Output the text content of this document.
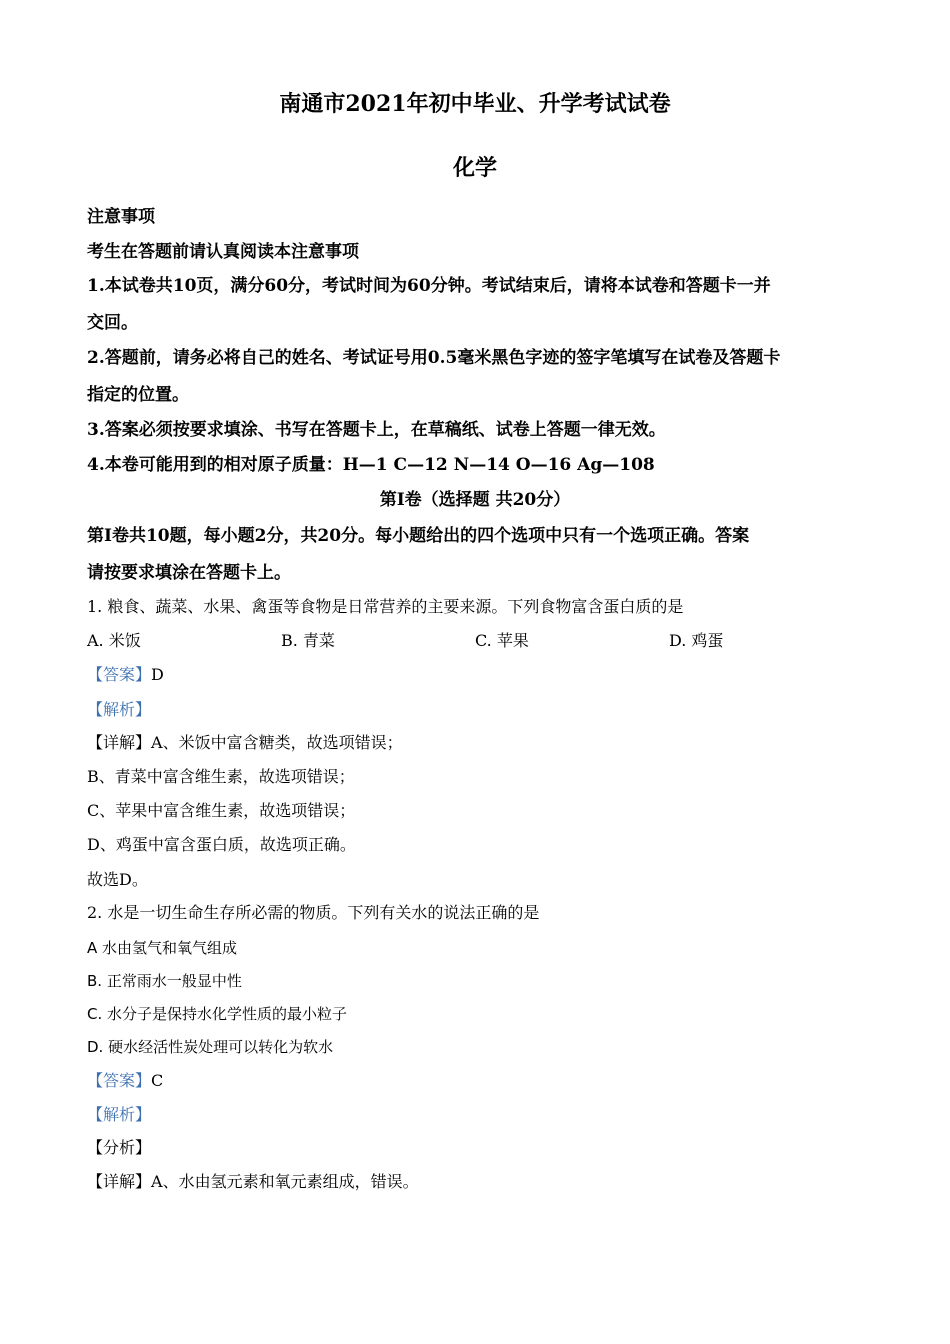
南通市2021年初中毕业、升学考试试卷
化学
注意事项
考生在答题前请认真阅读本注意事项
1.本试卷共10页，满分60分，考试时间为60分钟。考试结束后，请将本试卷和答题卡一并
交回。
2.答题前，请务必将自己的姓名、考试证号用0.5毫米黑色字迹的签字笔填写在试卷及答题卡
指定的位置。
3.答案必须按要求填涂、书写在答题卡上，在草稿纸、试卷上答题一律无效。
4.本卷可能用到的相对原子质量：H—1 C—12 N—14 O—16 Ag—108
第Ⅰ卷（选择题 共20分）
第Ⅰ卷共10题，每小题2分，共20分。每小题给出的四个选项中只有一个选项正确。答案
请按要求填涂在答题卡上。
1. 粮食、蔬菜、水果、禽蛋等食物是日常营养的主要来源。下列食物富含蛋白质的是
A. 米饭	B. 青菜	C. 苹果	D. 鸡蛋
【答案】D
【解析】
【详解】A、米饭中富含糖类，故选项错误；
B、青菜中富含维生素，故选项错误；
C、苹果中富含维生素，故选项错误；
D、鸡蛋中富含蛋白质，故选项正确。
故选D。
2. 水是一切生命生存所必需的物质。下列有关水的说法正确的是
A 水由氢气和氧气组成
B. 正常雨水一般显中性
C. 水分子是保持水化学性质的最小粒子
D. 硬水经活性炭处理可以转化为软水
【答案】C
【解析】
【分析】
【详解】A、水由氢元素和氧元素组成，错误。
